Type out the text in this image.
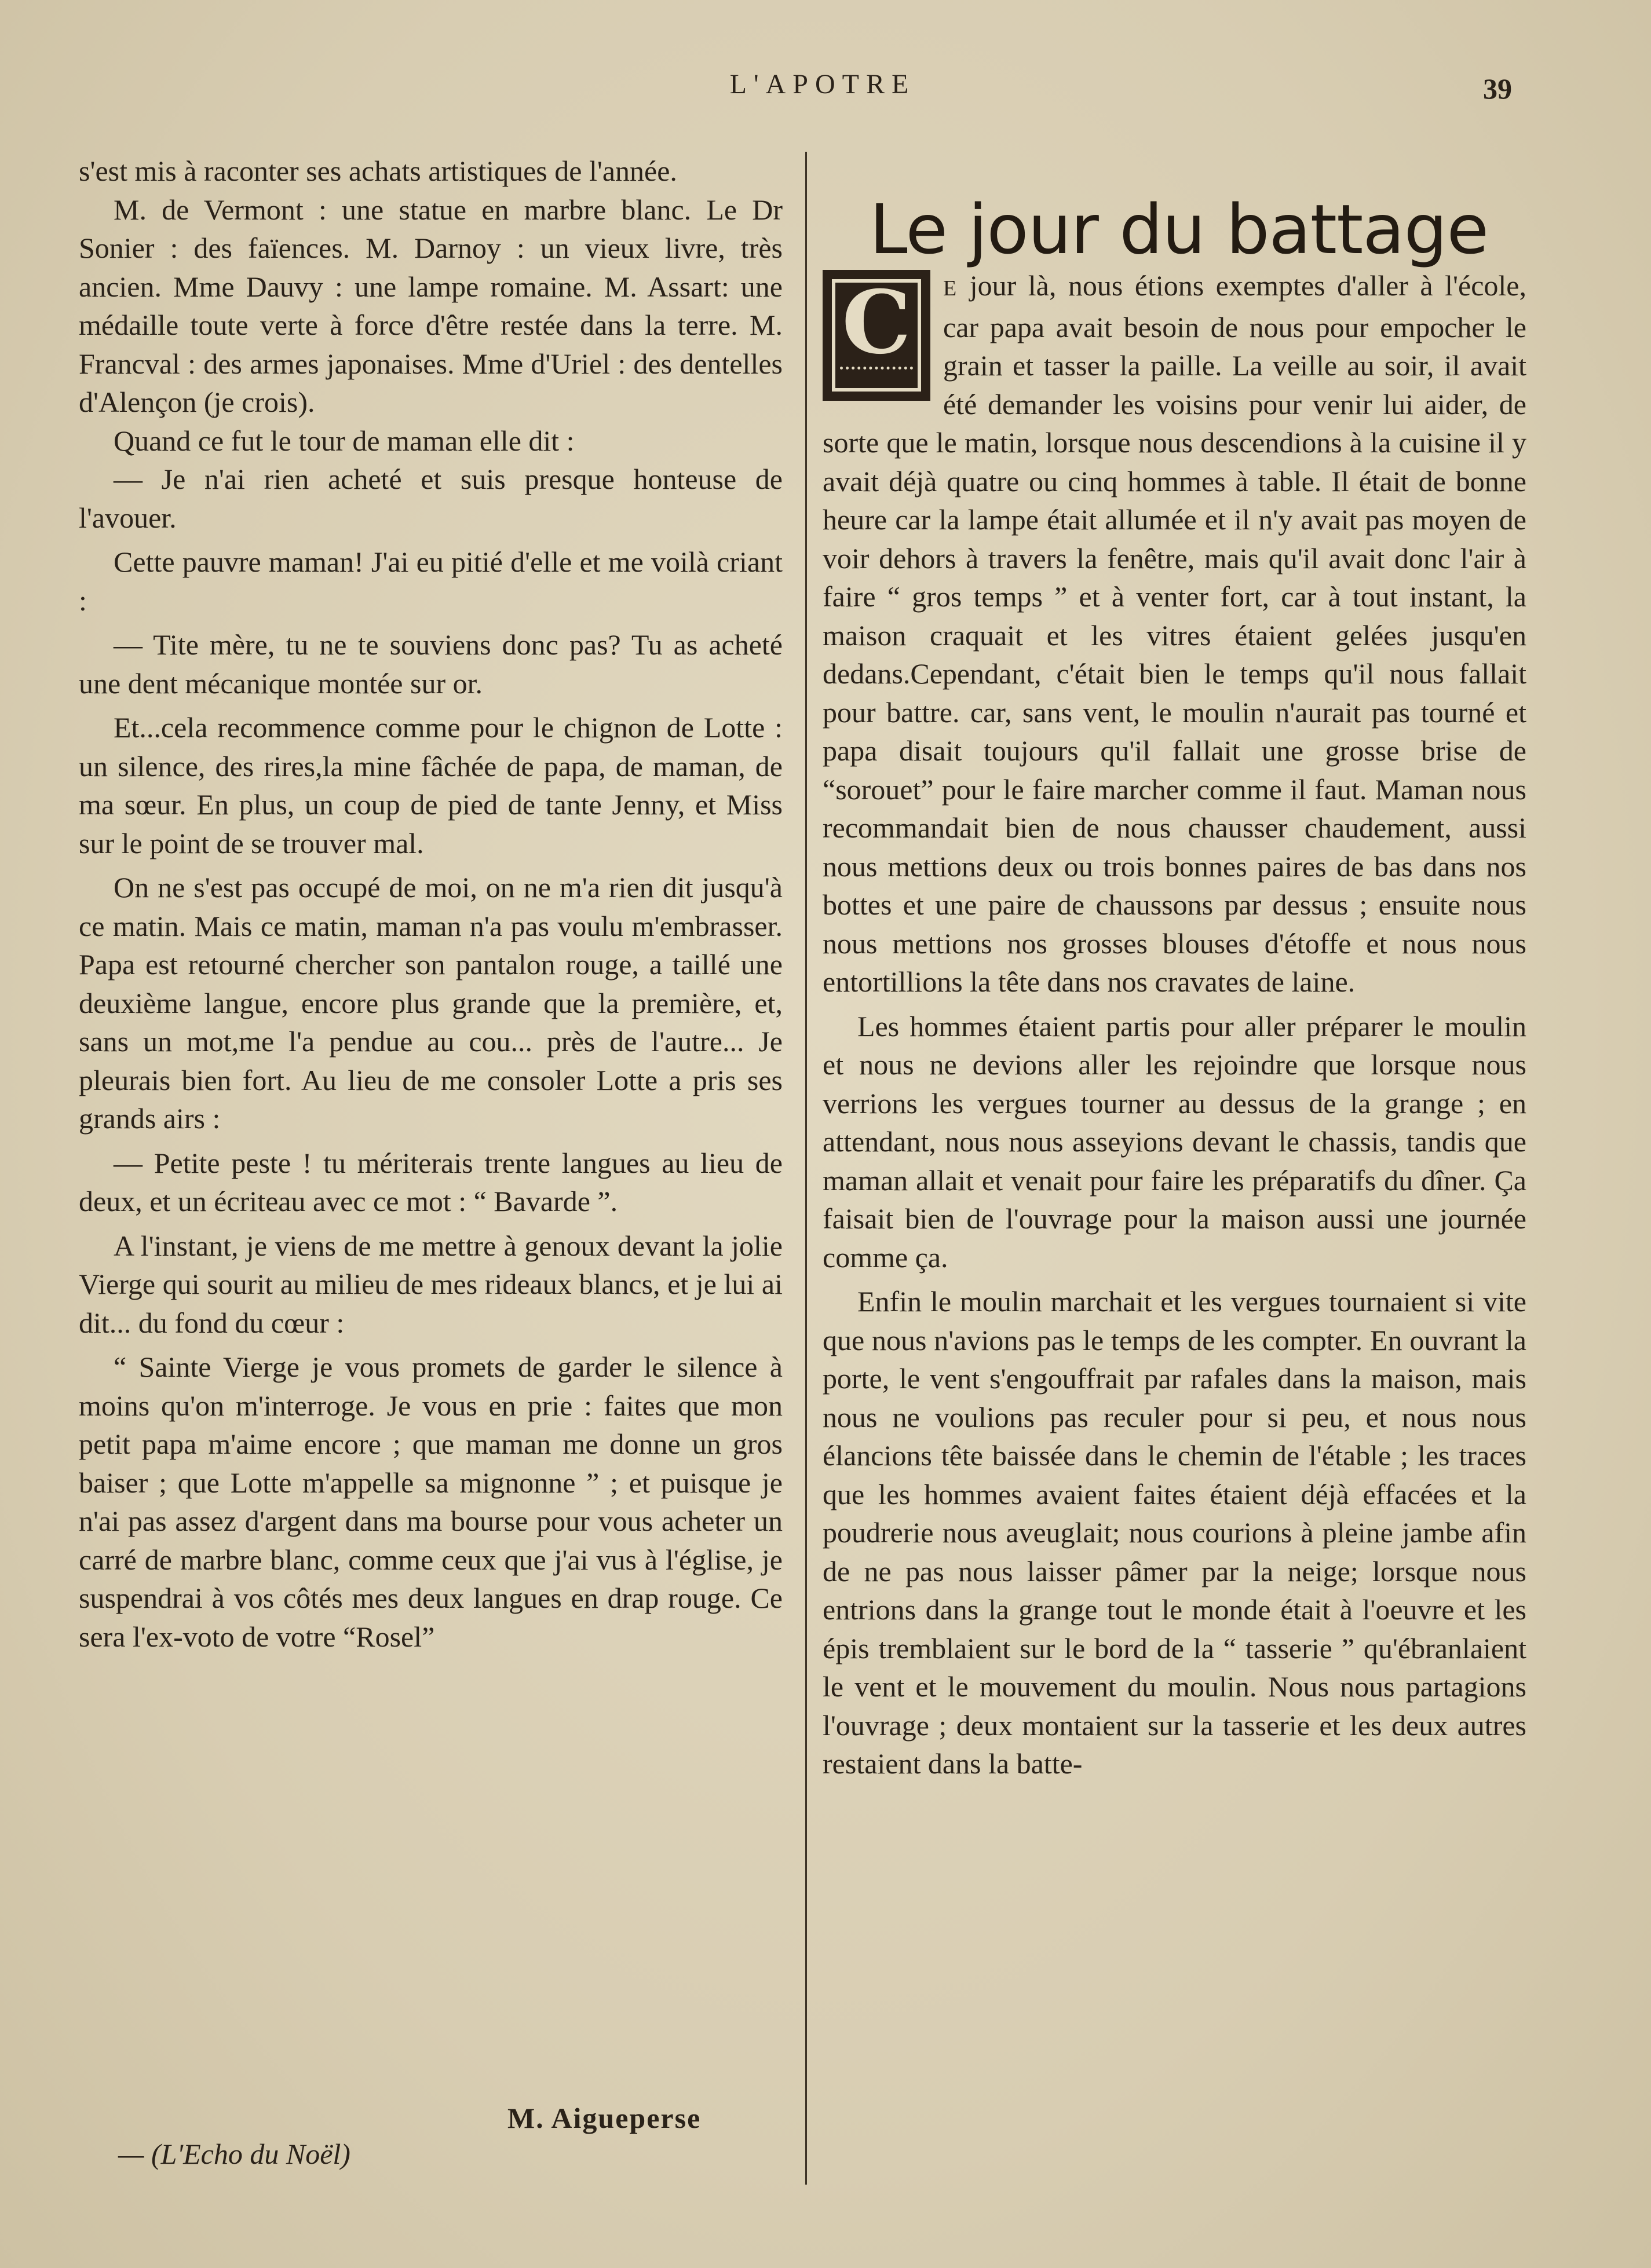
L'APOTRE	39

s'est mis à raconter ses achats artistiques de l'année.

M. de Vermont : une statue en marbre blanc. Le Dr Sonier : des faïences. M. Darnoy : un vieux livre, très ancien. Mme Dauvy : une lampe romaine. M. Assart: une médaille toute verte à force d'être restée dans la terre. M. Francval : des armes japonaises. Mme d'Uriel : des dentelles d'Alençon (je crois).

Quand ce fut le tour de maman elle dit :

— Je n'ai rien acheté et suis presque honteuse de l'avouer.

Cette pauvre maman! J'ai eu pitié d'elle et me voilà criant :

— Tite mère, tu ne te souviens donc pas? Tu as acheté une dent mécanique montée sur or.

Et...cela recommence comme pour le chignon de Lotte : un silence, des rires,la mine fâchée de papa, de maman, de ma sœur. En plus, un coup de pied de tante Jenny, et Miss sur le point de se trouver mal.

On ne s'est pas occupé de moi, on ne m'a rien dit jusqu'à ce matin. Mais ce matin, maman n'a pas voulu m'embrasser. Papa est retourné chercher son pantalon rouge, a taillé une deuxième langue, encore plus grande que la première, et, sans un mot,me l'a pendue au cou... près de l'autre... Je pleurais bien fort. Au lieu de me consoler Lotte a pris ses grands airs :

— Petite peste ! tu mériterais trente langues au lieu de deux, et un écriteau avec ce mot : “ Bavarde ”.

A l'instant, je viens de me mettre à genoux devant la jolie Vierge qui sourit au milieu de mes rideaux blancs, et je lui ai dit... du fond du cœur :

“ Sainte Vierge je vous promets de garder le silence à moins qu'on m'interroge. Je vous en prie : faites que mon petit papa m'aime encore ; que maman me donne un gros baiser ; que Lotte m'appelle sa mignonne ” ; et puisque je n'ai pas assez d'argent dans ma bourse pour vous acheter un carré de marbre blanc, comme ceux que j'ai vus à l'église, je suspendrai à vos côtés mes deux langues en drap rouge. Ce sera l'ex-voto de votre “Rosel”

M. Aigueperse
— (L'Echo du Noël)
Le jour du battage

C	E jour là, nous étions exemptes d'aller à l'école, car papa avait besoin de nous pour empocher le grain et tasser la paille. La veille au soir, il avait été demander les voisins pour venir lui aider, de sorte que le matin, lorsque nous descendions à la cuisine il y avait déjà quatre ou cinq hommes à table. Il était de bonne heure car la lampe était allumée et il n'y avait pas moyen de voir dehors à travers la fenêtre, mais qu'il avait donc l'air à faire “ gros temps ” et à venter fort, car à tout instant, la maison craquait et les vitres étaient gelées jusqu'en dedans.Cependant, c'était bien le temps qu'il nous fallait pour battre. car, sans vent, le moulin n'aurait pas tourné et papa disait toujours qu'il fallait une grosse brise de “sorouet” pour le faire marcher comme il faut. Maman nous recommandait bien de nous chausser chaudement, aussi nous mettions deux ou trois bonnes paires de bas dans nos bottes et une paire de chaussons par dessus ; ensuite nous nous mettions nos grosses blouses d'étoffe et nous nous entortillions la tête dans nos cravates de laine.

Les hommes étaient partis pour aller préparer le moulin et nous ne devions aller les rejoindre que lorsque nous verrions les vergues tourner au dessus de la grange ; en attendant, nous nous asseyions devant le chassis, tandis que maman allait et venait pour faire les préparatifs du dîner. Ça faisait bien de l'ouvrage pour la maison aussi une journée comme ça.

Enfin le moulin marchait et les vergues tournaient si vite que nous n'avions pas le temps de les compter. En ouvrant la porte, le vent s'engouffrait par rafales dans la maison, mais nous ne voulions pas reculer pour si peu, et nous nous élancions tête baissée dans le chemin de l'étable ; les traces que les hommes avaient faites étaient déjà effacées et la poudrerie nous aveuglait; nous courions à pleine jambe afin de ne pas nous laisser pâmer par la neige; lorsque nous entrions dans la grange tout le monde était à l'oeuvre et les épis tremblaient sur le bord de la “ tasserie ” qu'ébranlaient le vent et le mouvement du moulin. Nous nous partagions l'ouvrage ; deux montaient sur la tasserie et les deux autres restaient dans la batte-
